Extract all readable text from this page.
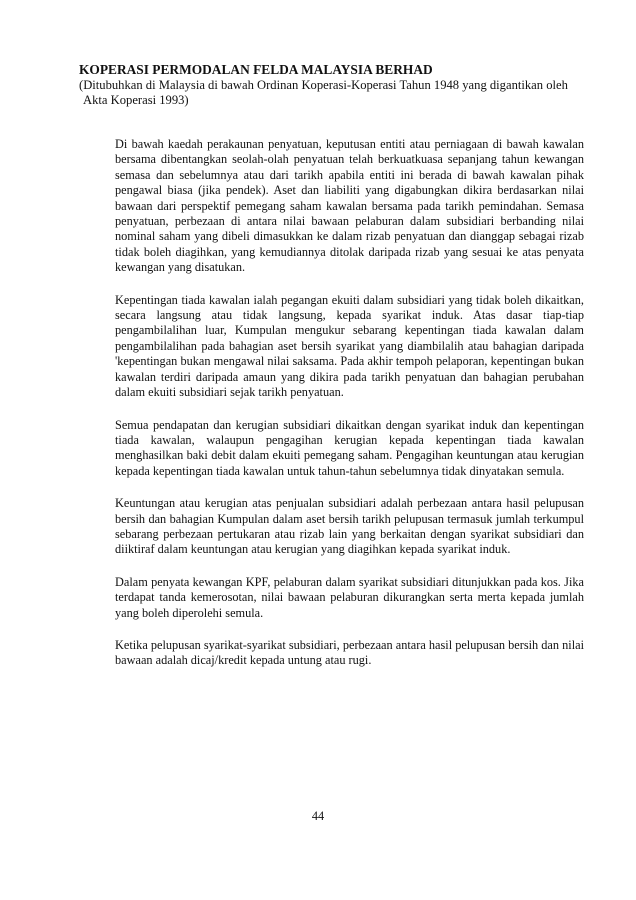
KOPERASI PERMODALAN FELDA MALAYSIA BERHAD

(Ditubuhkan di Malaysia di bawah Ordinan Koperasi-Koperasi Tahun 1948 yang digantikan oleh
Akta Koperasi 1993)

Di bawah kaedah perakaunan penyatuan, keputusan entiti atau perniagaan di bawah kawalan bersama dibentangkan seolah-olah penyatuan telah berkuatkuasa sepanjang tahun kewangan semasa dan sebelumnya atau dari tarikh apabila entiti ini berada di bawah kawalan pihak pengawal biasa (jika pendek). Aset dan liabiliti yang digabungkan dikira berdasarkan nilai bawaan dari perspektif pemegang saham kawalan bersama pada tarikh pemindahan. Semasa penyatuan, perbezaan di antara nilai bawaan pelaburan dalam subsidiari berbanding nilai nominal saham yang dibeli dimasukkan ke dalam rizab penyatuan dan dianggap sebagai rizab tidak boleh diagihkan, yang kemudiannya ditolak daripada rizab yang sesuai ke atas penyata kewangan yang disatukan.

Kepentingan tiada kawalan ialah pegangan ekuiti dalam subsidiari yang tidak boleh dikaitkan, secara langsung atau tidak langsung, kepada syarikat induk. Atas dasar tiap-tiap pengambilalihan luar, Kumpulan mengukur sebarang kepentingan tiada kawalan dalam pengambilalihan pada bahagian aset bersih syarikat yang diambilalih atau bahagian daripada 'kepentingan bukan mengawal nilai saksama. Pada akhir tempoh pelaporan, kepentingan bukan kawalan terdiri daripada amaun yang dikira pada tarikh penyatuan dan bahagian perubahan dalam ekuiti subsidiari sejak tarikh penyatuan.

Semua pendapatan dan kerugian subsidiari dikaitkan dengan syarikat induk dan kepentingan tiada kawalan, walaupun pengagihan kerugian kepada kepentingan tiada kawalan menghasilkan baki debit dalam ekuiti pemegang saham. Pengagihan keuntungan atau kerugian kepada kepentingan tiada kawalan untuk tahun-tahun sebelumnya tidak dinyatakan semula.

Keuntungan atau kerugian atas penjualan subsidiari adalah perbezaan antara hasil pelupusan bersih dan bahagian Kumpulan dalam aset bersih tarikh pelupusan termasuk jumlah terkumpul sebarang perbezaan pertukaran atau rizab lain yang berkaitan dengan syarikat subsidiari dan diiktiraf dalam keuntungan atau kerugian yang diagihkan kepada syarikat induk.

Dalam penyata kewangan KPF, pelaburan dalam syarikat subsidiari ditunjukkan pada kos. Jika terdapat tanda kemerosotan, nilai bawaan pelaburan dikurangkan serta merta kepada jumlah yang boleh diperolehi semula.

Ketika pelupusan syarikat-syarikat subsidiari, perbezaan antara hasil pelupusan bersih dan nilai bawaan adalah dicaj/kredit kepada untung atau rugi.

44
